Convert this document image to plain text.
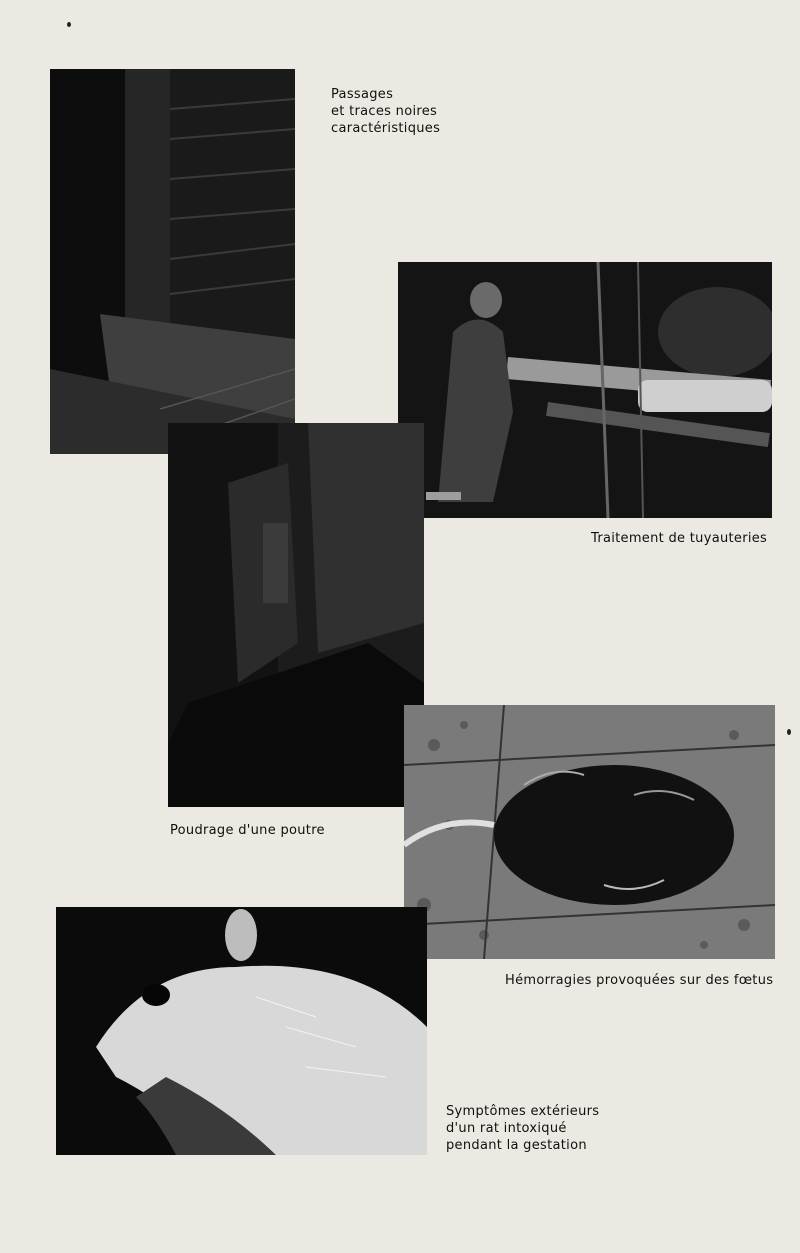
Passages
et traces noires
caractéristiques
Traitement de tuyauteries
Poudrage d'une poutre
Hémorragies provoquées sur des fœtus
Symptômes extérieurs
d'un rat intoxiqué
pendant la gestation
